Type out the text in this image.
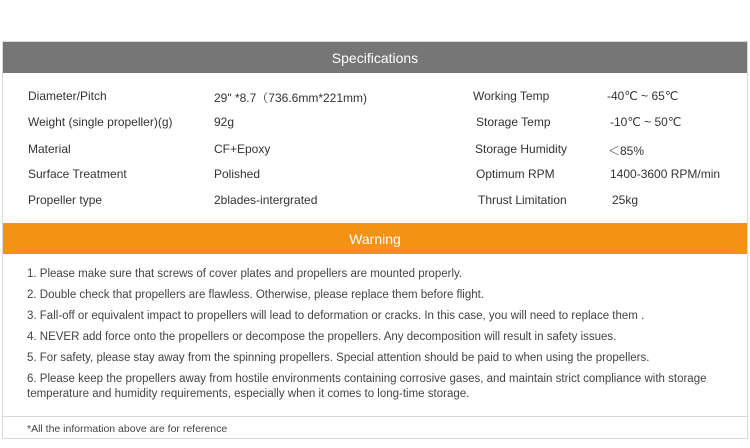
Specifications
Diameter/Pitch	29" *8.7（736.6mm*221mm)	Working Temp	-40℃ ~ 65℃
Weight (single propeller)(g)	92g	Storage Temp	-10℃ ~ 50℃
Material	CF+Epoxy	Storage Humidity	＜85%
Surface Treatment	Polished	Optimum RPM	1400-3600 RPM/min
Propeller type	2blades-intergrated	Thrust Limitation	25kg
Warning
1. Please make sure that screws of cover plates and propellers are mounted properly.
2. Double check that propellers are flawless. Otherwise, please replace them before flight.
3. Fall-off or equivalent impact to propellers will lead to deformation or cracks. In this case, you will need to replace them .
4. NEVER add force onto the propellers or decompose the propellers. Any decomposition will result in safety issues.
5. For safety, please stay away from the spinning propellers. Special attention should be paid to when using the propellers.
6. Please keep the propellers away from hostile environments containing corrosive gases, and maintain strict compliance with storage temperature and humidity requirements, especially when it comes to long-time storage.
*All the information above are for reference
